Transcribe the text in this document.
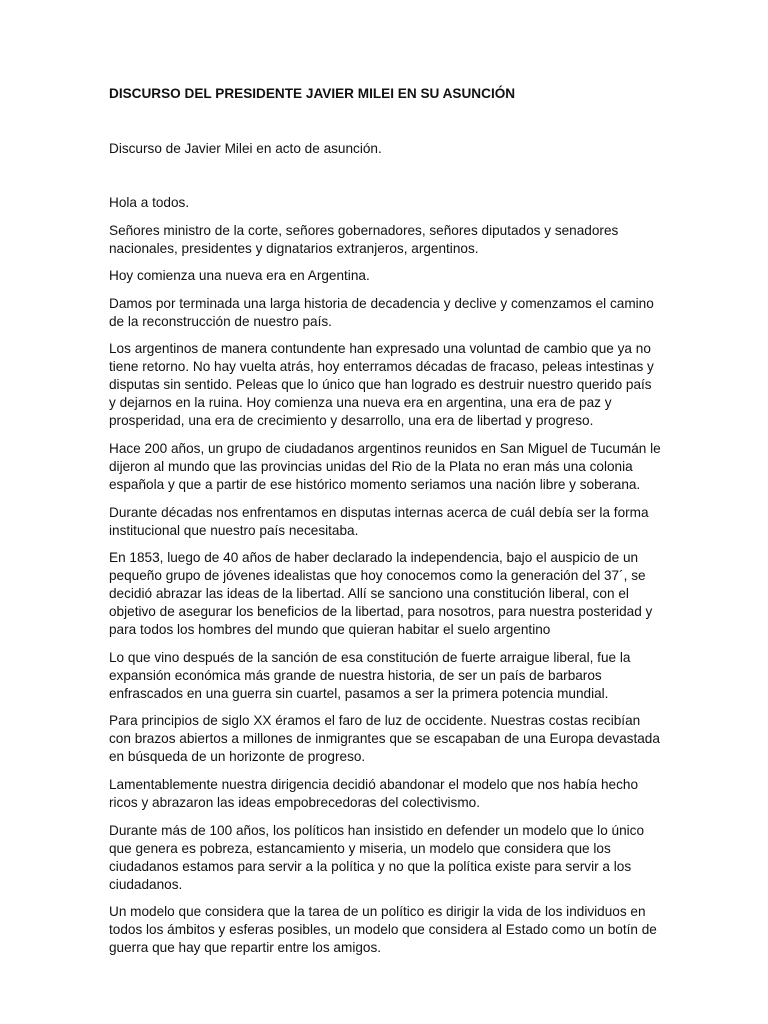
DISCURSO DEL PRESIDENTE JAVIER MILEI EN SU ASUNCIÓN
Discurso de Javier Milei en acto de asunción.

Hola a todos.

Señores ministro de la corte, señores gobernadores, señores diputados y senadores nacionales, presidentes y dignatarios extranjeros, argentinos.

Hoy comienza una nueva era en Argentina.

Damos por terminada una larga historia de decadencia y declive y comenzamos el camino de la reconstrucción de nuestro país.

Los argentinos de manera contundente han expresado una voluntad de cambio que ya no tiene retorno. No hay vuelta atrás, hoy enterramos décadas de fracaso, peleas intestinas y disputas sin sentido. Peleas que lo único que han logrado es destruir nuestro querido país y dejarnos en la ruina. Hoy comienza una nueva era en argentina, una era de paz y prosperidad, una era de crecimiento y desarrollo, una era de libertad y progreso.

Hace 200 años, un grupo de ciudadanos argentinos reunidos en San Miguel de Tucumán le dijeron al mundo que las provincias unidas del Rio de la Plata no eran más una colonia española y que a partir de ese histórico momento seriamos una nación libre y soberana.

Durante décadas nos enfrentamos en disputas internas acerca de cuál debía ser la forma institucional que nuestro país necesitaba.

En 1853, luego de 40 años de haber declarado la independencia, bajo el auspicio de un pequeño grupo de jóvenes idealistas que hoy conocemos como la generación del 37´, se decidió abrazar las ideas de la libertad. Allí se sanciono una constitución liberal, con el objetivo de asegurar los beneficios de la libertad, para nosotros, para nuestra posteridad y para todos los hombres del mundo que quieran habitar el suelo argentino

Lo que vino después de la sanción de esa constitución de fuerte arraigue liberal, fue la expansión económica más grande de nuestra historia, de ser un país de barbaros enfrascados en una guerra sin cuartel, pasamos a ser la primera potencia mundial.

Para principios de siglo XX éramos el faro de luz de occidente. Nuestras costas recibían con brazos abiertos a millones de inmigrantes que se escapaban de una Europa devastada en búsqueda de un horizonte de progreso.

Lamentablemente nuestra dirigencia decidió abandonar el modelo que nos había hecho ricos y abrazaron las ideas empobrecedoras del colectivismo.

Durante más de 100 años, los políticos han insistido en defender un modelo que lo único que genera es pobreza, estancamiento y miseria, un modelo que considera que los ciudadanos estamos para servir a la política y no que la política existe para servir a los ciudadanos.

Un modelo que considera que la tarea de un político es dirigir la vida de los individuos en todos los ámbitos y esferas posibles, un modelo que considera al Estado como un botín de guerra que hay que repartir entre los amigos.
